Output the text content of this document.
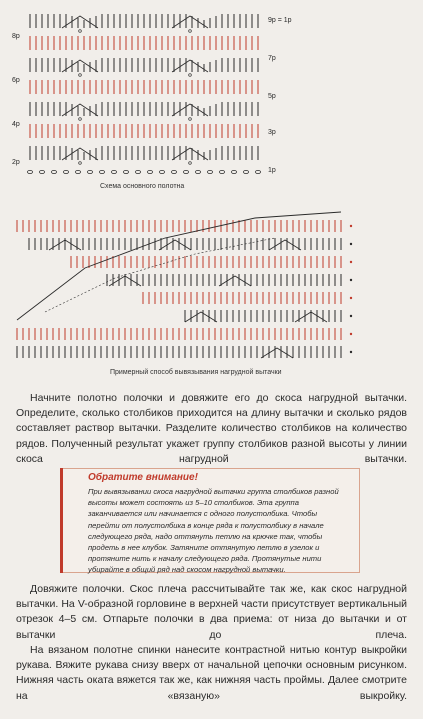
8р
6р
4р
2р
9р = 1р
7р
5р
3р
1р
Схема основного полотна
Примерный способ вывязывания нагрудной вытачки

Начните полотно полочки и довяжите его до скоса нагрудной вытачки. Определите, сколько столбиков приходится на длину вытачки и сколько рядов составляет раствор вытачки. Разделите количество столбиков на количество рядов. Полученный результат укажет группу столбиков разной высоты у линии скоса нагрудной вытачки.

Обратите внимание!

При вывязывании скоса нагрудной вытачки группа столбиков разной высоты может состоять из 5–10 столбиков. Эта группа заканчивается или начинается с одного полустолбика. Чтобы перейти от полустолбика в конце ряда к полустолбику в начале следующего ряда, надо оттянуть петлю на крючке так, чтобы продеть в нее клубок. Затяните оттянутую петлю в узелок и протяните нить к началу следующего ряда. Протянутые нити убирайте в общий ряд над скосом нагрудной вытачки.

Довяжите полочки. Скос плеча рассчитывайте так же, как скос нагрудной вытачки. На V-образной горловине в верхней части присутствует вертикальный отрезок 4–5 см. Отпарьте полочки в два приема: от низа до вытачки и от вытачки до плеча.

На вязаном полотне спинки нанесите контрастной нитью контур выкройки рукава. Вяжите рукава снизу вверх от начальной цепочки основным рисунком. Нижняя часть оката вяжется так же, как нижняя часть проймы. Далее смотрите на «вязаную» выкройку.
